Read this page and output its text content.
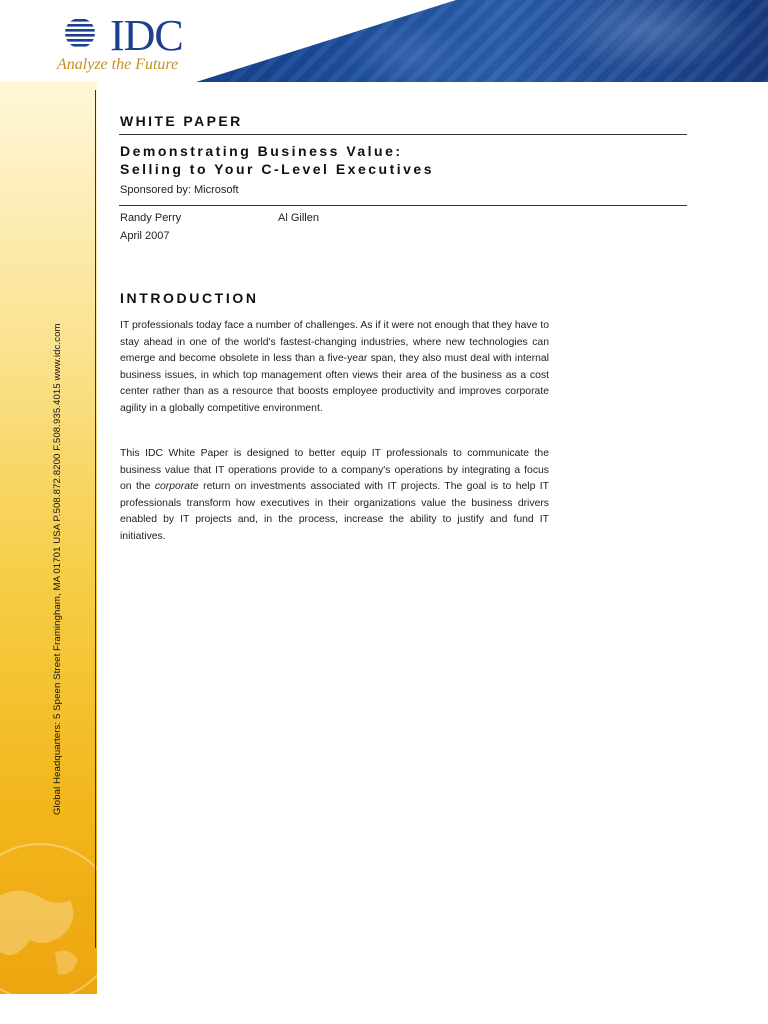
IDC
Analyze the Future
Global Headquarters: 5 Speen Street Framingham, MA 01701 USA P.508.872.8200 F.508.935.4015 www.idc.com
WHITE PAPER
Demonstrating Business Value:
Selling to Your C-Level Executives
Sponsored by: Microsoft
Randy Perry	Al Gillen
April 2007
INTRODUCTION

IT professionals today face a number of challenges. As if it were not enough that they have to stay ahead in one of the world's fastest-changing industries, where new technologies can emerge and become obsolete in less than a five-year span, they also must deal with internal business issues, in which top management often views their area of the business as a cost center rather than as a resource that boosts employee productivity and improves corporate agility in a globally competitive environment.

This IDC White Paper is designed to better equip IT professionals to communicate the business value that IT operations provide to a company's operations by integrating a focus on the corporate return on investments associated with IT projects. The goal is to help IT professionals transform how executives in their organizations value the business drivers enabled by IT projects and, in the process, increase the ability to justify and fund IT initiatives.
